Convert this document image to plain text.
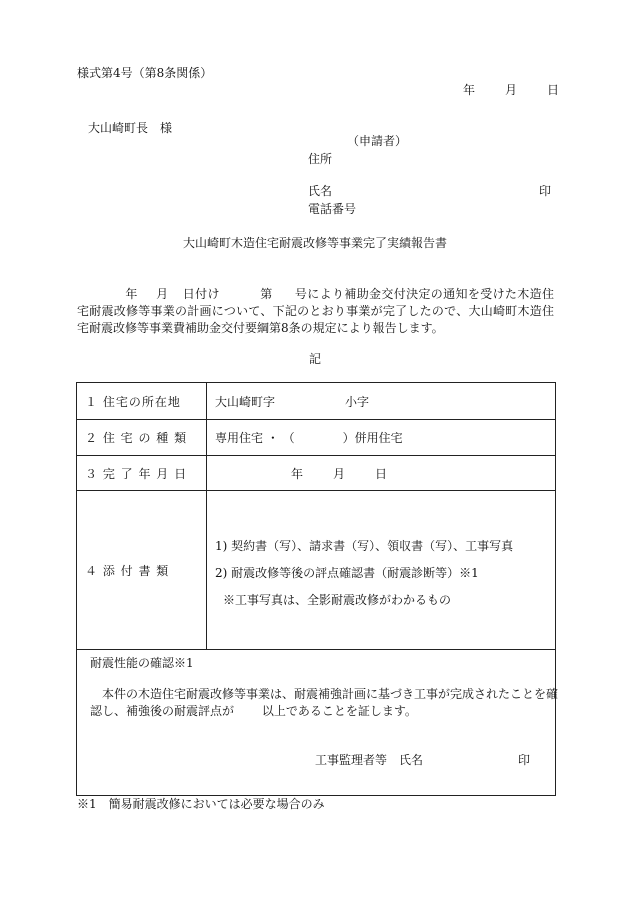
様式第4号（第8条関係）
年	月	日
大山崎町長　様
（申請者）
住所
氏名	印
電話番号
大山崎町木造住宅耐震改修等事業完了実績報告書
年 月 日付け	第 号により補助金交付決定の通知を受けた木造住宅耐震改修等事業の計画について、下記のとおり事業が完了したので、大山崎町木造住宅耐震改修等事業費補助金交付要綱第8条の規定により報告します。
記
１ 住宅の所在地	大山崎町字 小字
２ 住 宅 の 種 類	専用住宅 ・ （　　　　）併用住宅
３ 完 了 年 月 日	年 月 日
４ 添 付 書 類	1) 契約書（写）、請求書（写）、領収書（写）、工事写真
2) 耐震改修等後の評点確認書（耐震診断等）※1
※工事写真は、全影耐震改修がわかるもの

耐震性能の確認※1
本件の木造住宅耐震改修等事業は、耐震補強計画に基づき工事が完成されたことを確認し、補強後の耐震評点が　　 以上であることを証します。
工事監理者等　氏名 印	
※1　簡易耐震改修においては必要な場合のみ
